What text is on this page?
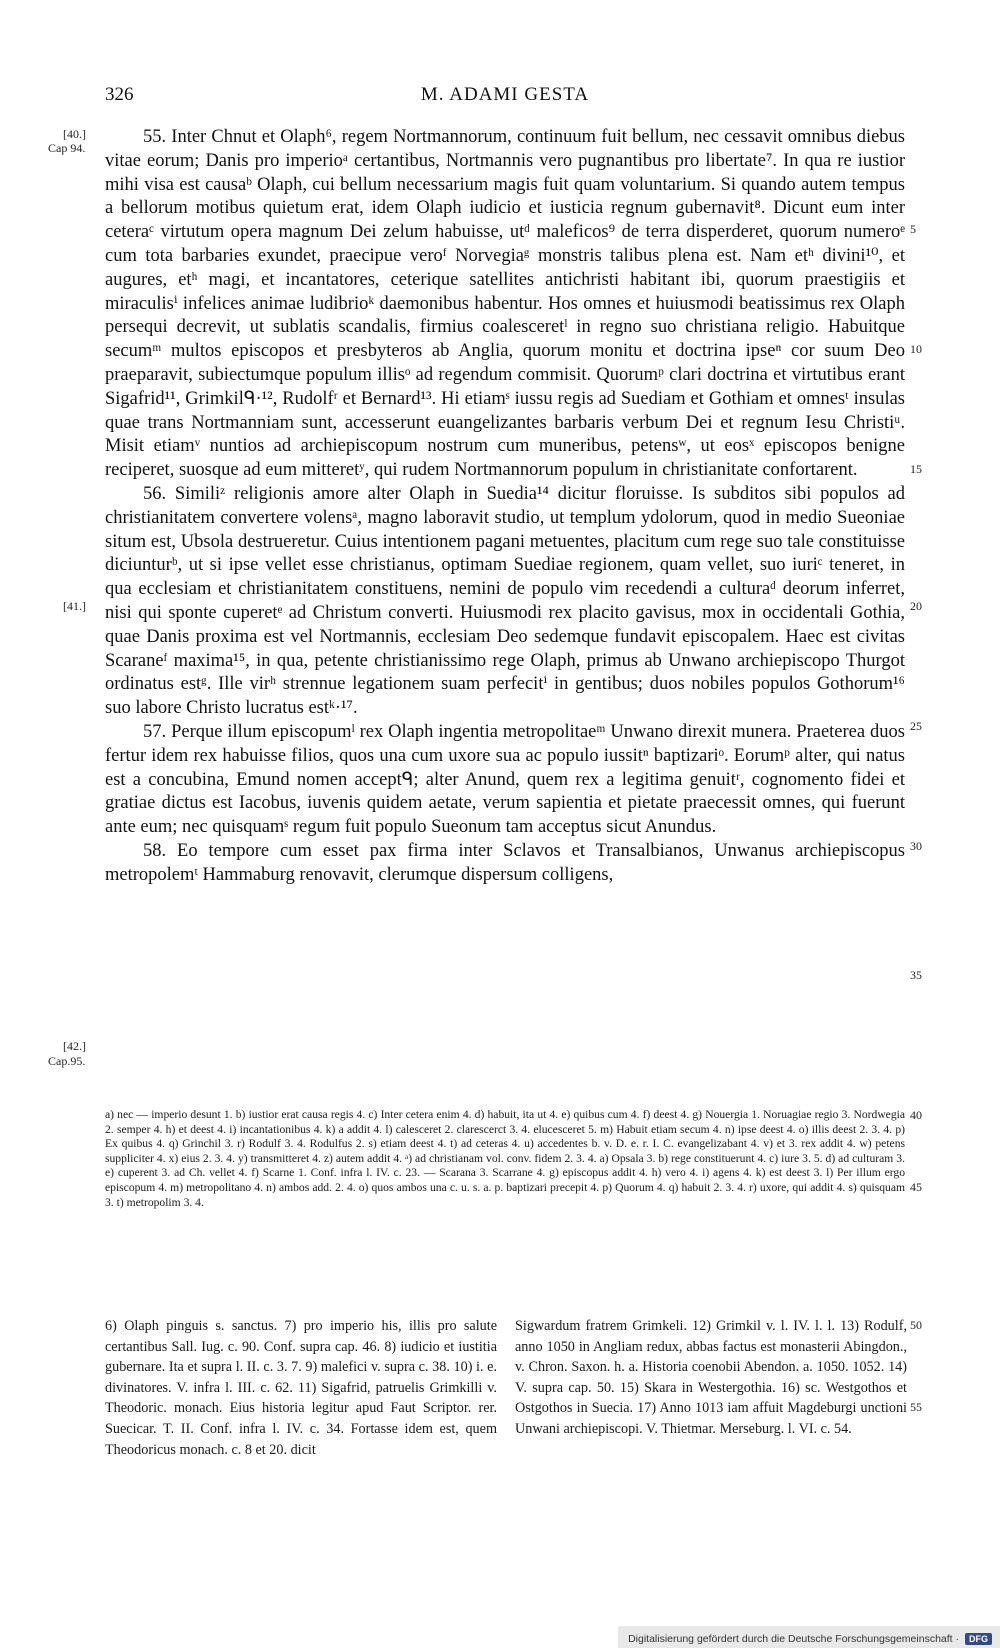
326	M. ADAMI GESTA
[40.]
Cap 94.
[41.]
[42.]
Cap.95.
5
10
15
20
25
30
35
40
45
50
55

55. Inter Chnut et Olaph⁶, regem Nortmannorum, continuum fuit bellum, nec cessavit omnibus diebus vitae eorum; Danis pro imperioᵃ certantibus, Nortmannis vero pugnantibus pro libertate⁷. In qua re iustior mihi visa est causaᵇ Olaph, cui bellum necessarium magis fuit quam voluntarium. Si quando autem tempus a bellorum motibus quietum erat, idem Olaph iudicio et iusticia regnum gubernavit⁸. Dicunt eum inter ceteraᶜ virtutum opera magnum Dei zelum habuisse, utᵈ maleficos⁹ de terra disperderet, quorum numeroᵉ cum tota barbaries exundet, praecipue veroᶠ Norvegiaᵍ monstris talibus plena est. Nam etʰ divini¹⁰, et augures, etʰ magi, et incantatores, ceterique satellites antichristi habitant ibi, quorum praestigiis et miraculisⁱ infelices animae ludibrioᵏ daemonibus habentur. Hos omnes et huiusmodi beatissimus rex Olaph persequi decrevit, ut sublatis scandalis, firmius coalesceretˡ in regno suo christiana religio. Habuitque secumᵐ multos episcopos et presbyteros ab Anglia, quorum monitu et doctrina ipseⁿ cor suum Deo praeparavit, subiectumque populum illisᵒ ad regendum commisit. Quorumᵖ clari doctrina et virtutibus erant Sigafrid¹¹, Grimkilᑫ·¹², Rudolfʳ et Bernard¹³. Hi etiamˢ iussu regis ad Suediam et Gothiam et omnesᵗ insulas quae trans Nortmanniam sunt, accesserunt euangelizantes barbaris verbum Dei et regnum Iesu Christiᵘ. Misit etiamᵛ nuntios ad archiepiscopum nostrum cum muneribus, petensʷ, ut eosˣ episcopos benigne reciperet, suosque ad eum mitteretʸ, qui rudem Nortmannorum populum in christianitate confortarent.

56. Similiᶻ religionis amore alter Olaph in Suedia¹⁴ dicitur floruisse. Is subditos sibi populos ad christianitatem convertere volensᵃ, magno laboravit studio, ut templum ydolorum, quod in medio Sueoniae situm est, Ubsola destrueretur. Cuius intentionem pagani metuentes, placitum cum rege suo tale constituisse diciunturᵇ, ut si ipse vellet esse christianus, optimam Suediae regionem, quam vellet, suo iuriᶜ teneret, in qua ecclesiam et christianitatem constituens, nemini de populo vim recedendi a culturaᵈ deorum inferret, nisi qui sponte cuperetᵉ ad Christum converti. Huiusmodi rex placito gavisus, mox in occidentali Gothia, quae Danis proxima est vel Nortmannis, ecclesiam Deo sedemque fundavit episcopalem. Haec est civitas Scaraneᶠ maxima¹⁵, in qua, petente christianissimo rege Olaph, primus ab Unwano archiepiscopo Thurgot ordinatus estᵍ. Ille virʰ strennue legationem suam perfecitⁱ in gentibus; duos nobiles populos Gothorum¹⁶ suo labore Christo lucratus estᵏ·¹⁷.

57. Perque illum episcopumˡ rex Olaph ingentia metropolitaeᵐ Unwano direxit munera. Praeterea duos fertur idem rex habuisse filios, quos una cum uxore sua ac populo iussitⁿ baptizariᵒ. Eorumᵖ alter, qui natus est a concubina, Emund nomen acceptᑫ; alter Anund, quem rex a legitima genuitʳ, cognomento fidei et gratiae dictus est Iacobus, iuvenis quidem aetate, verum sapientia et pietate praecessit omnes, qui fuerunt ante eum; nec quisquamˢ regum fuit populo Sueonum tam acceptus sicut Anundus.

58. Eo tempore cum esset pax firma inter Sclavos et Transalbianos, Unwanus archiepiscopus metropolemᵗ Hammaburg renovavit, clerumque dispersum colligens,

a) nec — imperio desunt 1. b) iustior erat causa regis 4. c) Inter cetera enim 4. d) habuit, ita ut 4. e) quibus cum 4. f) deest 4. g) Nouergia 1. Noruagiae regio 3. Nordwegia 2. semper 4. h) et deest 4. i) incantationibus 4. k) a addit 4. l) calesceret 2. clarescerct 3. 4. elucesceret 5. m) Habuit etiam secum 4. n) ipse deest 4. o) illis deest 2. 3. 4. p) Ex quibus 4. q) Grinchil 3. r) Rodulf 3. 4. Rodulfus 2. s) etiam deest 4. t) ad ceteras 4. u) accedentes b. v. D. e. r. I. C. evangelizabant 4. v) et 3. rex addit 4. w) petens suppliciter 4. x) eius 2. 3. 4. y) transmitteret 4. z) autem addit 4. ᵃ) ad christianam vol. conv. fidem 2. 3. 4. a) Opsala 3. b) rege constituerunt 4. c) iure 3. 5. d) ad culturam 3. e) cuperent 3. ad Ch. vellet 4. f) Scarne 1. Conf. infra l. IV. c. 23. — Scarana 3. Scarrane 4. g) episcopus addit 4. h) vero 4. i) agens 4. k) est deest 3. l) Per illum ergo episcopum 4. m) metropolitano 4. n) ambos add. 2. 4. o) quos ambos una c. u. s. a. p. baptizari precepit 4. p) Quorum 4. q) habuit 2. 3. 4. r) uxore, qui addit 4. s) quisquam 3. t) metropolim 3. 4.

6) Olaph pinguis s. sanctus. 7) pro imperio his, illis pro salute certantibus Sall. Iug. c. 90. Conf. supra cap. 46. 8) iudicio et iustitia gubernare. Ita et supra l. II. c. 3. 7. 9) malefici v. supra c. 38. 10) i. e. divinatores. V. infra l. III. c. 62. 11) Sigafrid, patruelis Grimkilli v. Theodoric. monach. Eius historia legitur apud Faut Scriptor. rer. Suecicar. T. II. Conf. infra l. IV. c. 34. Fortasse idem est, quem Theodoricus monach. c. 8 et 20. dicit

Sigwardum fratrem Grimkeli. 12) Grimkil v. l. IV. l. l. 13) Rodulf, anno 1050 in Angliam redux, abbas factus est monasterii Abingdon., v. Chron. Saxon. h. a. Historia coenobii Abendon. a. 1050. 1052. 14) V. supra cap. 50. 15) Skara in Westergothia. 16) sc. Westgothos et Ostgothos in Suecia. 17) Anno 1013 iam affuit Magdeburgi unctioni Unwani archiepiscopi. V. Thietmar. Merseburg. l. VI. c. 54.

Digitalisierung gefördert durch die Deutsche Forschungsgemeinschaft ·	DFG
